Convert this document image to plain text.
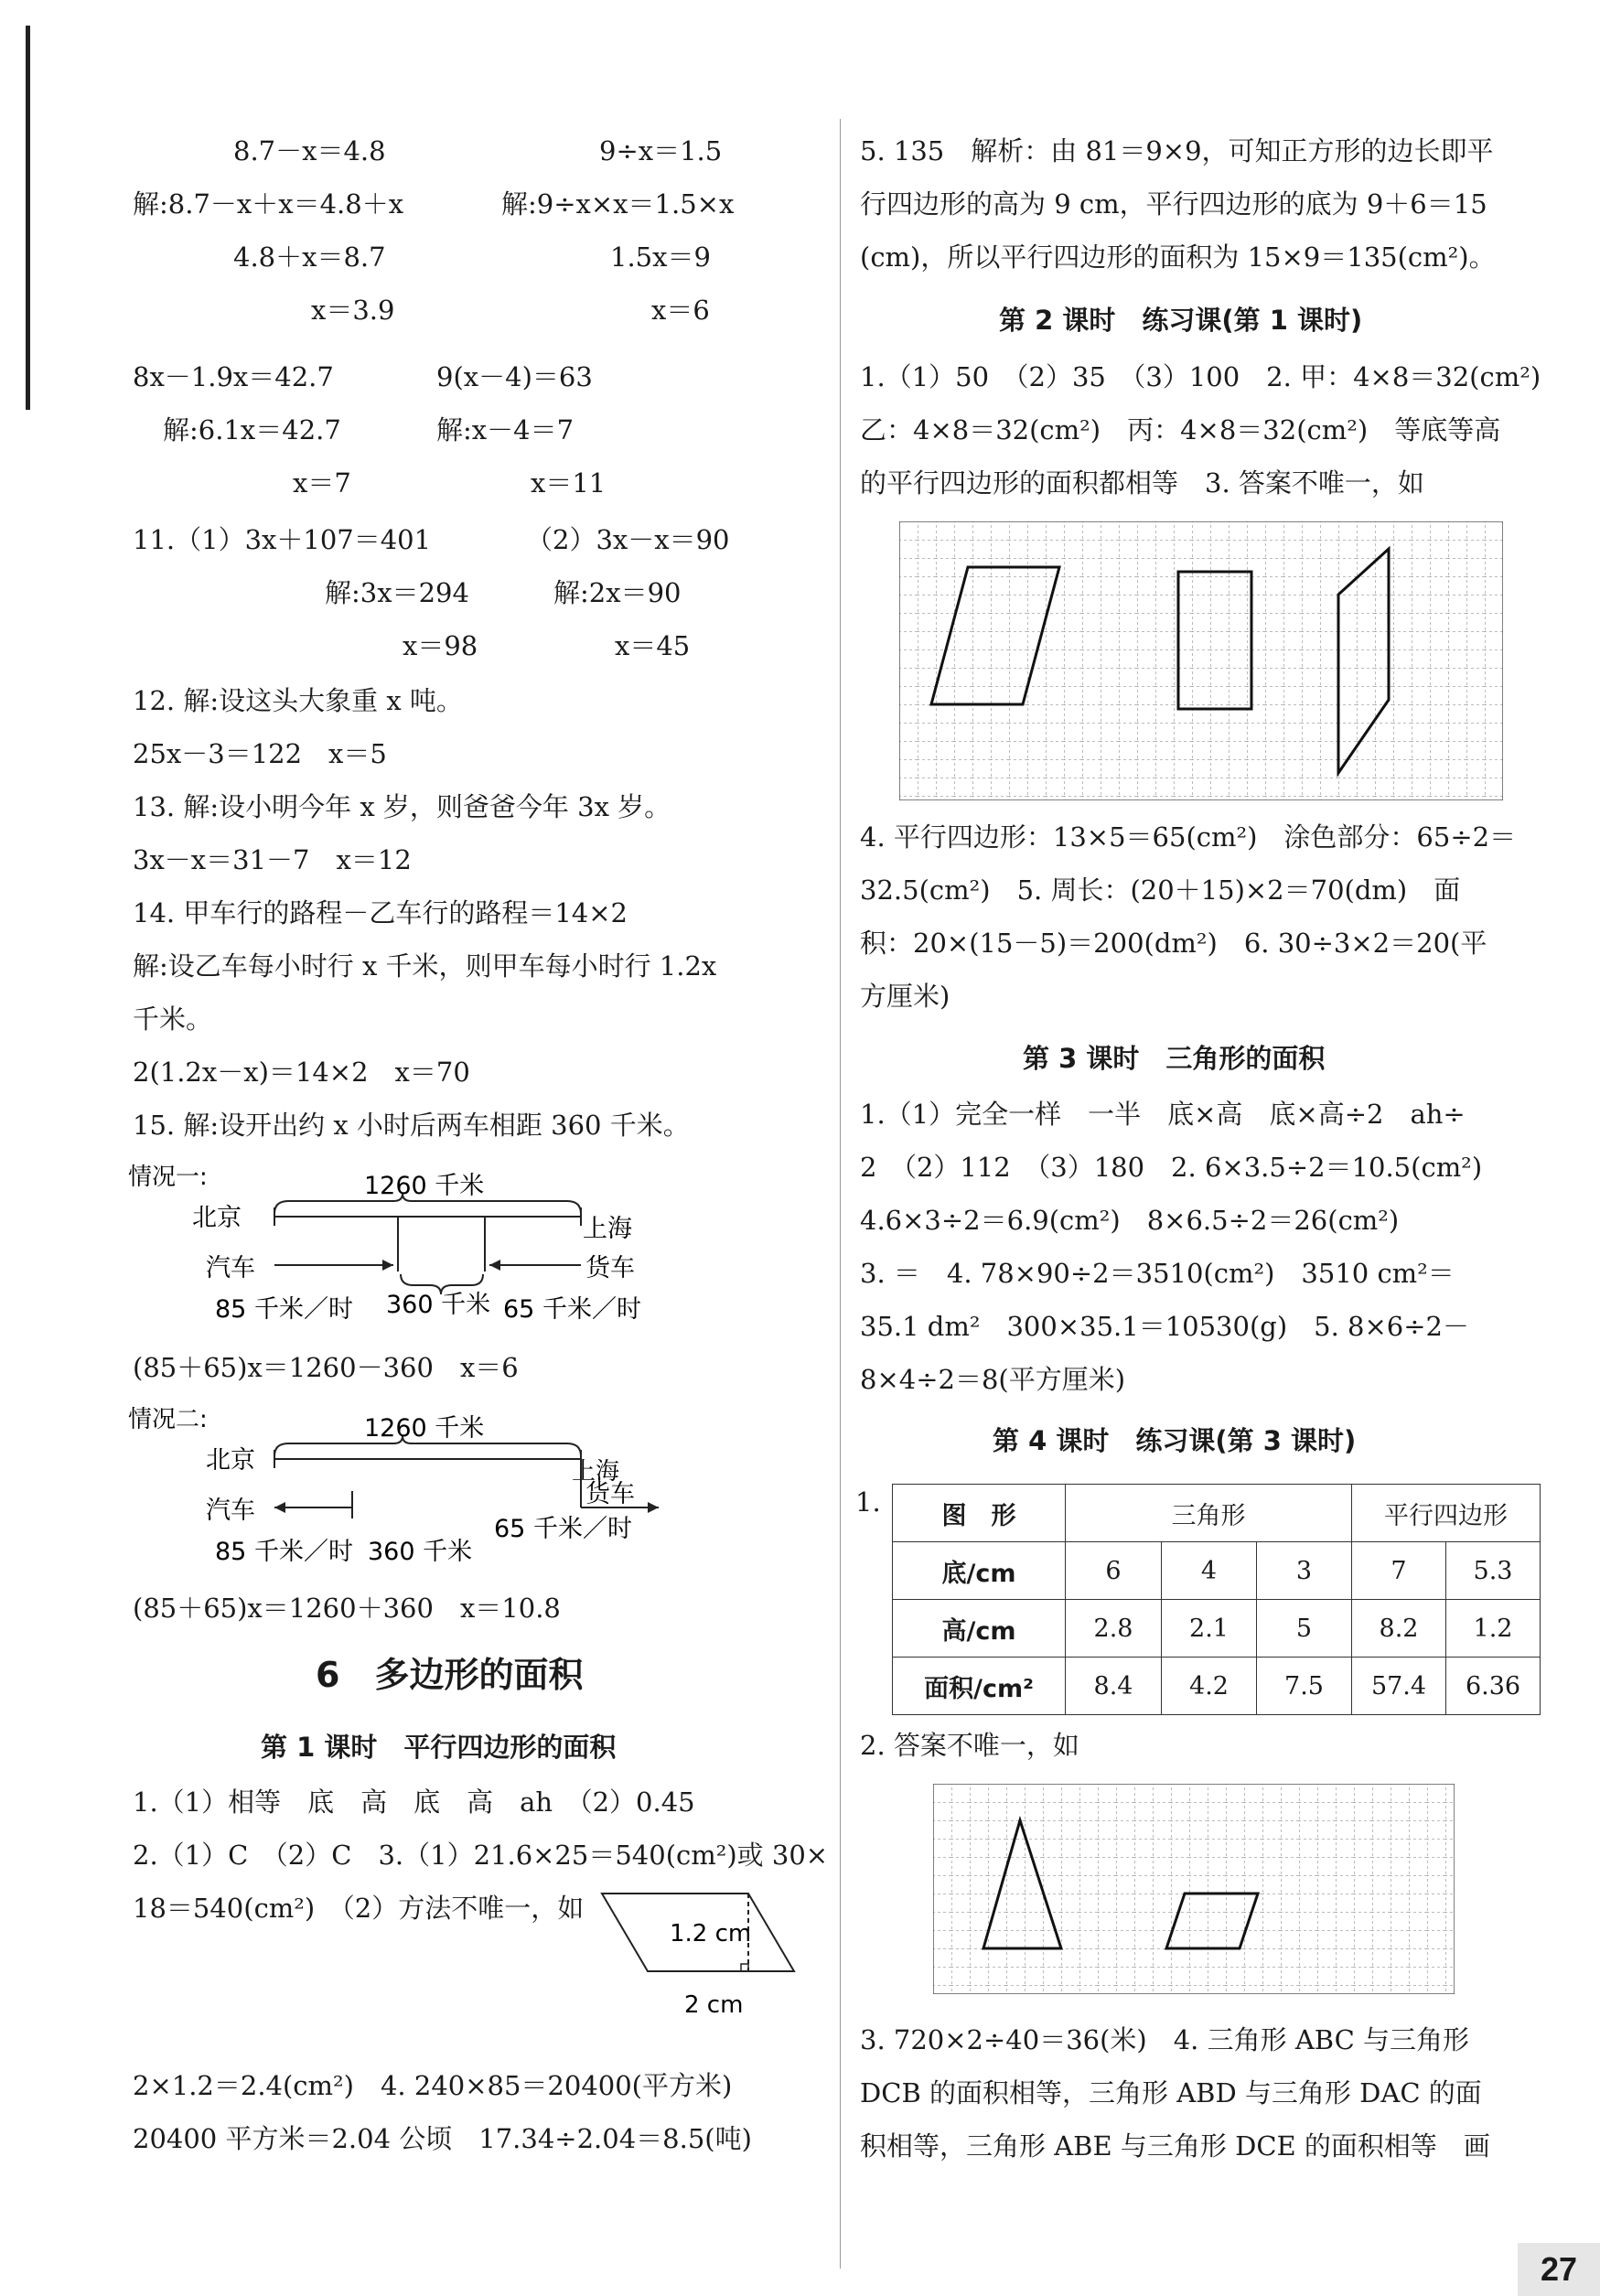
8.7－x＝4.8	9÷x＝1.5
解:8.7－x＋x＝4.8＋x	解:9÷x×x＝1.5×x
4.8＋x＝8.7	1.5x＝9
x＝3.9	x＝6
8x－1.9x＝42.7	9(x－4)＝63
解:6.1x＝42.7	解:x－4＝7
x＝7	x＝11
11.（1）3x＋107＝401	（2）3x－x＝90
解:3x＝294	解:2x＝90
x＝98	x＝45
12. 解:设这头大象重 x 吨。
25x－3＝122　x＝5
13. 解:设小明今年 x 岁，则爸爸今年 3x 岁。
3x－x＝31－7　x＝12
14. 甲车行的路程－乙车行的路程＝14×2
解:设乙车每小时行 x 千米，则甲车每小时行 1.2x
千米。
2(1.2x－x)＝14×2　x＝70
15. 解:设开出约 x 小时后两车相距 360 千米。
情况一:	1260 千米
北京	上海
汽车	货车
85 千米／时 360 千米 65 千米／时
(85＋65)x＝1260－360　x＝6
情况二:	1260 千米
北京	上海
汽车
货车
85 千米／时 360 千米
65 千米／时
(85＋65)x＝1260＋360　x＝10.8
6　多边形的面积
第 1 课时　平行四边形的面积
1.（1）相等　底　高　底　高　ah　（2）0.45
2.（1）C　（2）C　3.（1）21.6×25＝540(cm²)或 30×
18＝540(cm²)　（2）方法不唯一，如
1.2 cm
2 cm
2×1.2＝2.4(cm²)　4. 240×85＝20400(平方米)
20400 平方米＝2.04 公顷　17.34÷2.04＝8.5(吨)
5. 135　解析：由 81＝9×9，可知正方形的边长即平
行四边形的高为 9 cm，平行四边形的底为 9＋6＝15
(cm)，所以平行四边形的面积为 15×9＝135(cm²)。
第 2 课时　练习课(第 1 课时)
1.（1）50　（2）35　（3）100　2. 甲：4×8＝32(cm²)
乙：4×8＝32(cm²)　丙：4×8＝32(cm²)　等底等高
的平行四边形的面积都相等　3. 答案不唯一，如
4. 平行四边形：13×5＝65(cm²)　涂色部分：65÷2＝
32.5(cm²)　5. 周长：(20＋15)×2＝70(dm)　面
积：20×(15－5)＝200(dm²)　6. 30÷3×2＝20(平
方厘米)
第 3 课时　三角形的面积
1.（1）完全一样　一半　底×高　底×高÷2　ah÷
2　（2）112　（3）180　2. 6×3.5÷2＝10.5(cm²)
4.6×3÷2＝6.9(cm²)　8×6.5÷2＝26(cm²)
3. ＝　4. 78×90÷2＝3510(cm²)　3510 cm²＝
35.1 dm²　300×35.1＝10530(g)　5. 8×6÷2－
8×4÷2＝8(平方厘米)
第 4 课时　练习课(第 3 课时)
1. 图　形	三角形			平行四边形	
底/cm	6	4	3	7	5.3
高/cm	2.8	2.1	5	8.2	1.2
面积/cm²	8.4	4.2	7.5	57.4	6.36
2. 答案不唯一，如
3. 720×2÷40＝36(米)　4. 三角形 ABC 与三角形
DCB 的面积相等，三角形 ABD 与三角形 DAC 的面
积相等，三角形 ABE 与三角形 DCE 的面积相等　画
27
